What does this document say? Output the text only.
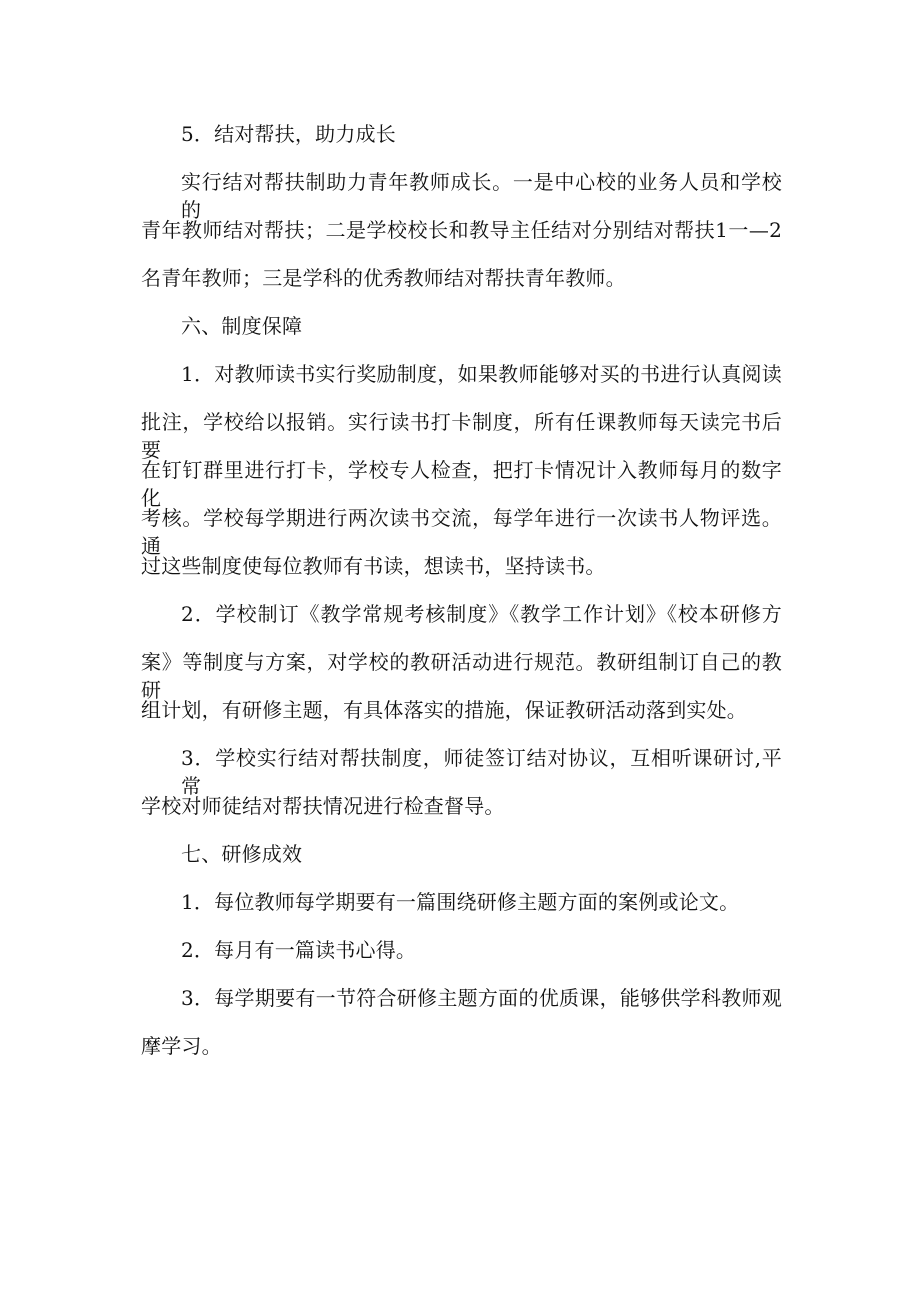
5．结对帮扶，助力成长
实行结对帮扶制助力青年教师成长。一是中心校的业务人员和学校的
青年教师结对帮扶；二是学校校长和教导主任结对分别结对帮扶1一—2
名青年教师；三是学科的优秀教师结对帮扶青年教师。
六、制度保障
1．对教师读书实行奖励制度，如果教师能够对买的书进行认真阅读
批注，学校给以报销。实行读书打卡制度，所有任课教师每天读完书后要
在钉钉群里进行打卡，学校专人检查，把打卡情况计入教师每月的数字化
考核。学校每学期进行两次读书交流，每学年进行一次读书人物评选。通
过这些制度使每位教师有书读，想读书，坚持读书。
2．学校制订《教学常规考核制度》《教学工作计划》《校本研修方
案》等制度与方案，对学校的教研活动进行规范。教研组制订自己的教研
组计划，有研修主题，有具体落实的措施，保证教研活动落到实处。
3．学校实行结对帮扶制度，师徒签订结对协议，互相听课研讨,平常
学校对师徒结对帮扶情况进行检查督导。
七、研修成效
1．每位教师每学期要有一篇围绕研修主题方面的案例或论文。
2．每月有一篇读书心得。
3．每学期要有一节符合研修主题方面的优质课，能够供学科教师观
摩学习。
